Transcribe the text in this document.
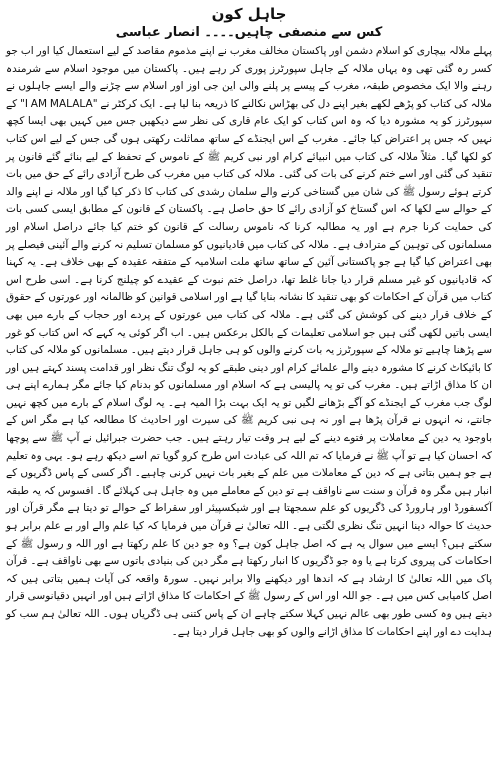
جاہل کون
کس سے منصفی چاہیں۔۔۔۔ انصار عباسی

پہلے ملالہ بیچاری کو اسلام دشمن اور پاکستان مخالف مغرب نے اپنے مذموم مقاصد کے لیے استعمال کیا اور اب جو کسر رہ گئی تھی وہ یہاں ملالہ کے جاہل سپورٹرز پوری کر رہے ہیں۔ پاکستان میں موجود اسلام سے شرمندہ رہنے والا ایک مخصوص طبقہ، مغرب کے پیسے پر پلنے والی این جی اوز اور اسلام سے چڑنے والے ایسے جاہلوں نے ملالہ کی کتاب کو پڑھے لکھے بغیر اپنے دل کی بھڑاس نکالنے کا ذریعہ بنا لیا ہے۔ ایک کرکٹر نے "I AM MALALA" کے سپورٹرز کو یہ مشورہ دیا کہ وہ اس کتاب کو ایک عام قاری کی نظر سے دیکھیں جس میں کہیں بھی ایسا کچھ نہیں کہ جس پر اعتراض کیا جائے۔ مغرب کے اس ایجنڈے کے ساتھ مماثلت رکھتی ہوں گی جس کے لیے اس کتاب کو لکھا گیا۔ مثلاً ملالہ کی کتاب میں انبیائے کرام اور نبی کریم ﷺ کے ناموس کے تحفظ کے لیے بنائے گئے قانون پر تنقید کی گئی اور اسے ختم کرنے کی بات کی گئی۔ ملالہ کی کتاب میں مغرب کی طرح آزادی رائے کے حق میں بات کرتے ہوئے رسول ﷺ کی شان میں گستاخی کرنے والے سلمان رشدی کی کتاب کا ذکر کیا گیا اور ملالہ نے اپنے والد کے حوالے سے لکھا کہ اس گستاخ کو آزادی رائے کا حق حاصل ہے۔ پاکستان کے قانون کے مطابق ایسی کسی بات کی حمایت کرنا جرم ہے اور یہ مطالبہ کرنا کہ ناموس رسالت کے قانون کو ختم کیا جائے دراصل اسلام اور مسلمانوں کی توہین کے مترادف ہے۔ ملالہ کی کتاب میں قادیانیوں کو مسلمان تسلیم نہ کرنے والے آئینی فیصلے پر بھی اعتراض کیا گیا ہے جو پاکستانی آئین کے ساتھ ساتھ ملت اسلامیہ کے متفقہ عقیدہ کے بھی خلاف ہے۔ یہ کہنا کہ قادیانیوں کو غیر مسلم قرار دیا جانا غلط تھا، دراصل ختم نبوت کے عقیدے کو چیلنج کرنا ہے۔ اسی طرح اس کتاب میں قرآن کے احکامات کو بھی تنقید کا نشانہ بنایا گیا ہے اور اسلامی قوانین کو ظالمانہ اور عورتوں کے حقوق کے خلاف قرار دینے کی کوشش کی گئی ہے۔ ملالہ کی کتاب میں عورتوں کے پردے اور حجاب کے بارے میں بھی ایسی باتیں لکھی گئی ہیں جو اسلامی تعلیمات کے بالکل برعکس ہیں۔ اب اگر کوئی یہ کہے کہ اس کتاب کو غور سے پڑھنا چاہیے تو ملالہ کے سپورٹرز یہ بات کرنے والوں کو ہی جاہل قرار دیتے ہیں۔ مسلمانوں کو ملالہ کی کتاب کا بائیکاٹ کرنے کا مشورہ دینے والے علمائے کرام اور دینی طبقے کو یہ لوگ تنگ نظر اور قدامت پسند کہتے ہیں اور ان کا مذاق اڑاتے ہیں۔ مغرب کی تو یہ پالیسی ہے کہ اسلام اور مسلمانوں کو بدنام کیا جائے مگر ہمارے اپنے ہی لوگ جب مغرب کے ایجنڈے کو آگے بڑھانے لگیں تو یہ ایک بہت بڑا المیہ ہے۔ یہ لوگ اسلام کے بارے میں کچھ نہیں جانتے، نہ انہوں نے قرآن پڑھا ہے اور نہ ہی نبی کریم ﷺ کی سیرت اور احادیث کا مطالعہ کیا ہے مگر اس کے باوجود یہ دین کے معاملات پر فتوے دینے کے لیے ہر وقت تیار رہتے ہیں۔ جب حضرت جبرائیل نے آپ ﷺ سے پوچھا کہ احسان کیا ہے تو آپ ﷺ نے فرمایا کہ تم اللہ کی عبادت اس طرح کرو گویا تم اسے دیکھ رہے ہو۔ یہی وہ تعلیم ہے جو ہمیں بتاتی ہے کہ دین کے معاملات میں علم کے بغیر بات نہیں کرنی چاہیے۔ اگر کسی کے پاس ڈگریوں کے انبار ہیں مگر وہ قرآن و سنت سے ناواقف ہے تو دین کے معاملے میں وہ جاہل ہی کہلائے گا۔ افسوس کہ یہ طبقہ آکسفورڈ اور ہارورڈ کی ڈگریوں کو علم سمجھتا ہے اور شیکسپیئر اور سقراط کے حوالے تو دیتا ہے مگر قرآن اور حدیث کا حوالہ دینا انہیں تنگ نظری لگتی ہے۔ اللہ تعالیٰ نے قرآن میں فرمایا کہ کیا علم والے اور بے علم برابر ہو سکتے ہیں؟ ایسے میں سوال یہ ہے کہ اصل جاہل کون ہے؟ وہ جو دین کا علم رکھتا ہے اور اللہ و رسول ﷺ کے احکامات کی پیروی کرتا ہے یا وہ جو ڈگریوں کا انبار رکھتا ہے مگر دین کی بنیادی باتوں سے بھی ناواقف ہے۔ قرآن پاک میں اللہ تعالیٰ کا ارشاد ہے کہ اندھا اور دیکھنے والا برابر نہیں۔ سورۃ واقعہ کی آیات ہمیں بتاتی ہیں کہ اصل کامیابی کس میں ہے۔ جو اللہ اور اس کے رسول ﷺ کے احکامات کا مذاق اڑاتے ہیں اور انہیں دقیانوسی قرار دیتے ہیں وہ کسی طور بھی عالم نہیں کہلا سکتے چاہے ان کے پاس کتنی ہی ڈگریاں ہوں۔ اللہ تعالیٰ ہم سب کو ہدایت دے اور اپنے احکامات کا مذاق اڑانے والوں کو بھی جاہل قرار دیتا ہے۔
